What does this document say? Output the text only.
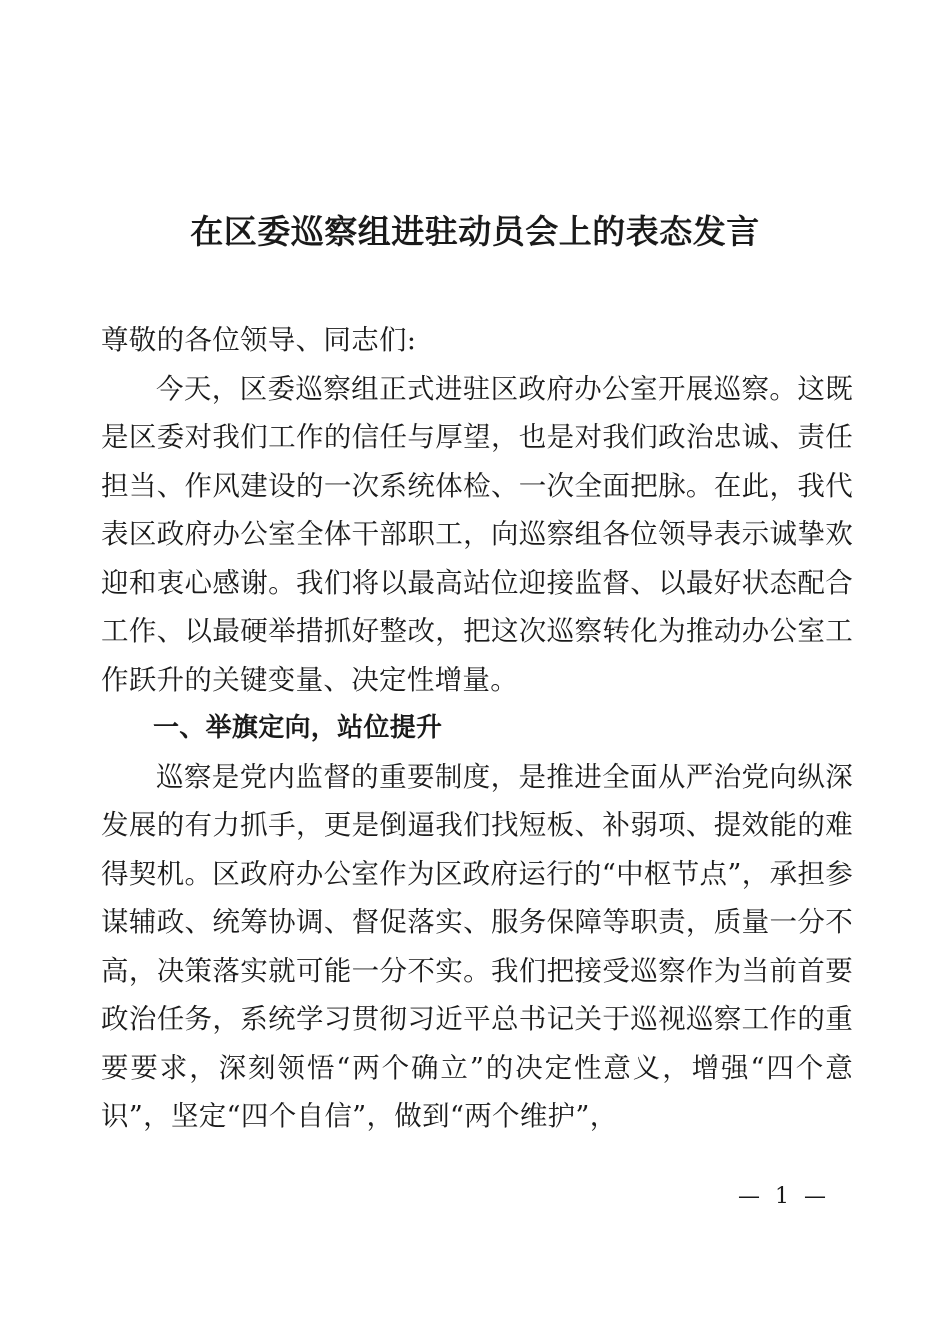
在区委巡察组进驻动员会上的表态发言

尊敬的各位领导、同志们:

今天，区委巡察组正式进驻区政府办公室开展巡察。这既是区委对我们工作的信任与厚望，也是对我们政治忠诚、责任担当、作风建设的一次系统体检、一次全面把脉。在此，我代表区政府办公室全体干部职工，向巡察组各位领导表示诚挚欢迎和衷心感谢。我们将以最高站位迎接监督、以最好状态配合工作、以最硬举措抓好整改，把这次巡察转化为推动办公室工作跃升的关键变量、决定性增量。

一、举旗定向，站位提升

巡察是党内监督的重要制度，是推进全面从严治党向纵深发展的有力抓手，更是倒逼我们找短板、补弱项、提效能的难得契机。区政府办公室作为区政府运行的“中枢节点”，承担参谋辅政、统筹协调、督促落实、服务保障等职责，质量一分不高，决策落实就可能一分不实。我们把接受巡察作为当前首要政治任务，系统学习贯彻习近平总书记关于巡视巡察工作的重要要求，深刻领悟“两个确立”的决定性意义，增强“四个意识”，坚定“四个自信”，做到“两个维护”，

— 1 —
